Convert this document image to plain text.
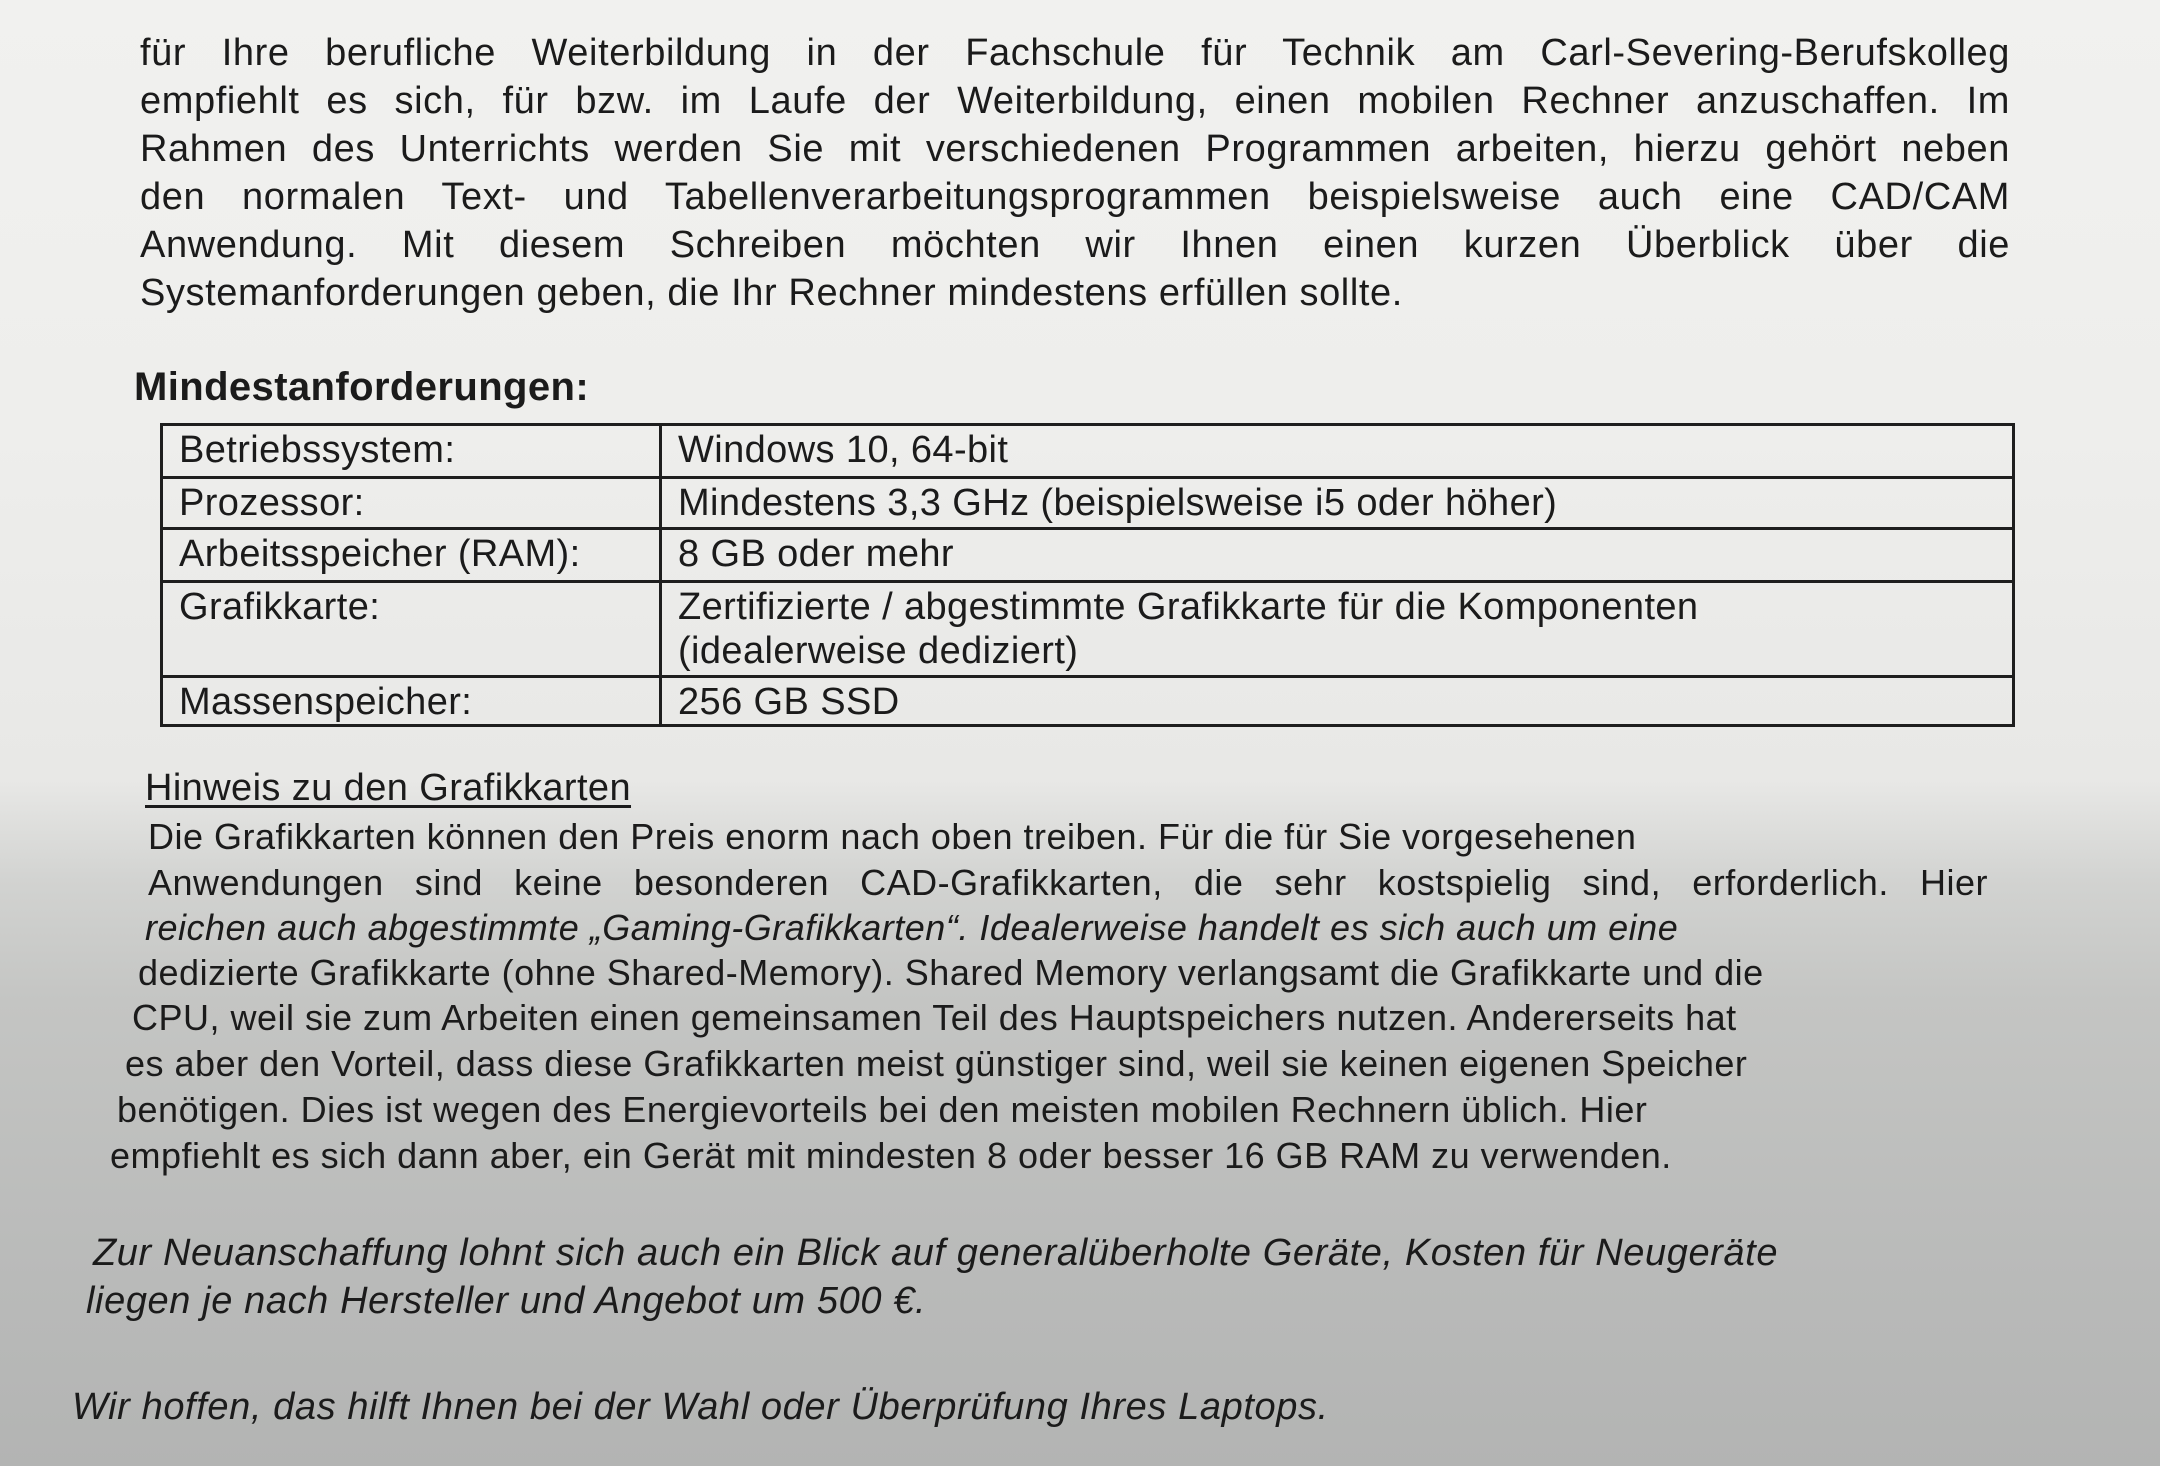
für Ihre berufliche Weiterbildung in der Fachschule für Technik am Carl-Severing-Berufskolleg
empfiehlt es sich, für bzw. im Laufe der Weiterbildung, einen mobilen Rechner anzuschaffen. Im
Rahmen des Unterrichts werden Sie mit verschiedenen Programmen arbeiten, hierzu gehört neben
den normalen Text- und Tabellenverarbeitungsprogrammen beispielsweise auch eine CAD/CAM
Anwendung. Mit diesem Schreiben möchten wir Ihnen einen kurzen Überblick über die
Systemanforderungen geben, die Ihr Rechner mindestens erfüllen sollte.
Mindestanforderungen:
Betriebssystem:	Windows 10, 64-bit
Prozessor:	Mindestens 3,3 GHz (beispielsweise i5 oder höher)
Arbeitsspeicher (RAM):	8 GB oder mehr
Grafikkarte:	Zertifizierte / abgestimmte Grafikkarte für die Komponenten
(idealerweise dediziert)

Massenspeicher:	256 GB SSD
Hinweis zu den Grafikkarten
Die Grafikkarten können den Preis enorm nach oben treiben. Für die für Sie vorgesehenen
Anwendungen sind keine besonderen CAD-Grafikkarten, die sehr kostspielig sind, erforderlich. Hier
reichen auch abgestimmte „Gaming-Grafikkarten“. Idealerweise handelt es sich auch um eine
dedizierte Grafikkarte (ohne Shared-Memory). Shared Memory verlangsamt die Grafikkarte und die
CPU, weil sie zum Arbeiten einen gemeinsamen Teil des Hauptspeichers nutzen. Andererseits hat
es aber den Vorteil, dass diese Grafikkarten meist günstiger sind, weil sie keinen eigenen Speicher
benötigen. Dies ist wegen des Energievorteils bei den meisten mobilen Rechnern üblich. Hier
empfiehlt es sich dann aber, ein Gerät mit mindesten 8 oder besser 16 GB RAM zu verwenden.
Zur Neuanschaffung lohnt sich auch ein Blick auf generalüberholte Geräte, Kosten für Neugeräte
liegen je nach Hersteller und Angebot um 500 €.
Wir hoffen, das hilft Ihnen bei der Wahl oder Überprüfung Ihres Laptops.
